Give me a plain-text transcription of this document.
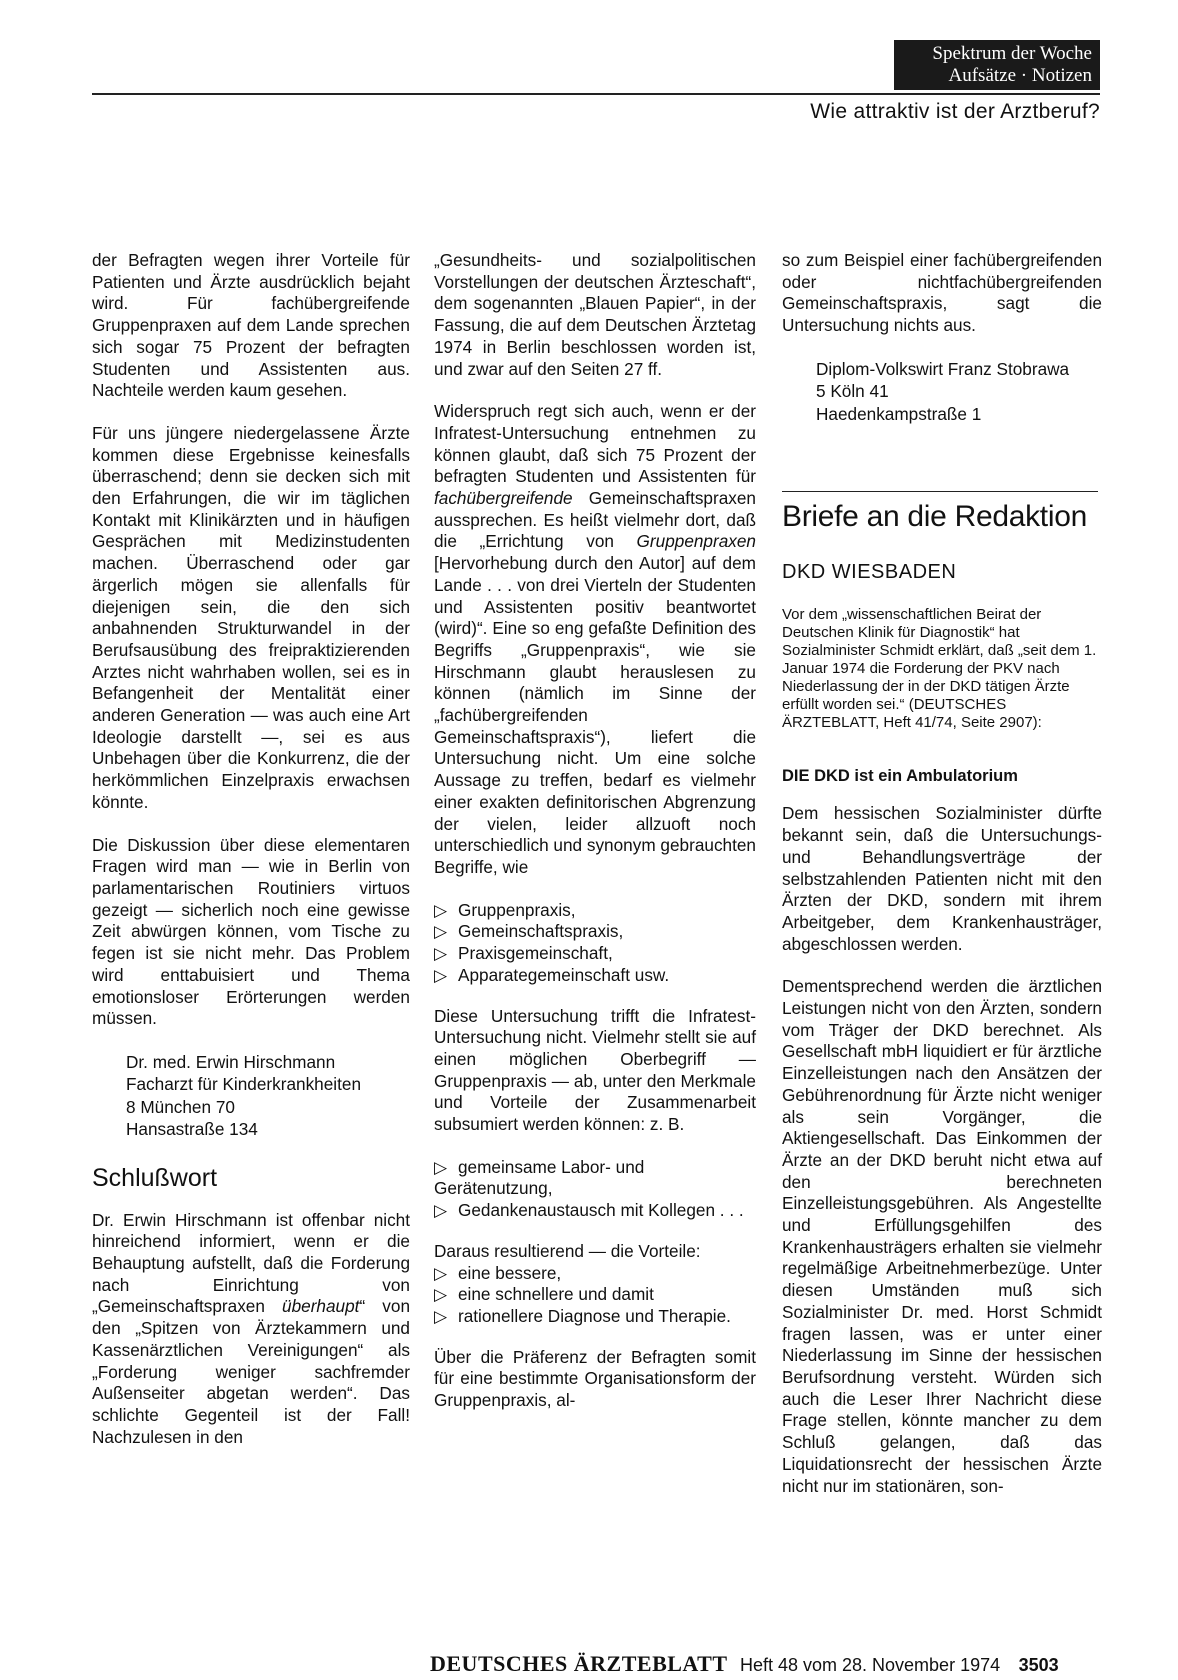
Spektrum der Woche
Aufsätze · Notizen
Wie attraktiv ist der Arztberuf?

der Befragten wegen ihrer Vorteile für Patienten und Ärzte ausdrücklich bejaht wird. Für fachübergreifende Gruppenpraxen auf dem Lande sprechen sich sogar 75 Prozent der befragten Studenten und Assistenten aus. Nachteile werden kaum gesehen.

Für uns jüngere niedergelassene Ärzte kommen diese Ergebnisse keinesfalls überraschend; denn sie decken sich mit den Erfahrungen, die wir im täglichen Kontakt mit Klinikärzten und in häufigen Gesprächen mit Medizinstudenten machen. Überraschend oder gar ärgerlich mögen sie allenfalls für diejenigen sein, die den sich anbahnenden Strukturwandel in der Berufsausübung des freipraktizierenden Arztes nicht wahrhaben wollen, sei es in Befangenheit der Mentalität einer anderen Generation — was auch eine Art Ideologie darstellt —, sei es aus Unbehagen über die Konkurrenz, die der herkömmlichen Einzelpraxis erwachsen könnte.

Die Diskussion über diese elementaren Fragen wird man — wie in Berlin von parlamentarischen Routiniers virtuos gezeigt — sicherlich noch eine gewisse Zeit abwürgen können, vom Tische zu fegen ist sie nicht mehr. Das Problem wird enttabuisiert und Thema emotionsloser Erörterungen werden müssen.

Dr. med. Erwin Hirschmann
Facharzt für Kinderkrankheiten
8 München 70
Hansastraße 134
Schlußwort

Dr. Erwin Hirschmann ist offenbar nicht hinreichend informiert, wenn er die Behauptung aufstellt, daß die Forderung nach Einrichtung von „Gemeinschaftspraxen überhaupt“ von den „Spitzen von Ärztekammern und Kassenärztlichen Vereinigungen“ als „Forderung weniger sachfremder Außenseiter abgetan werden“. Das schlichte Gegenteil ist der Fall! Nachzulesen in den

„Gesundheits- und sozialpolitischen Vorstellungen der deutschen Ärzteschaft“, dem sogenannten „Blauen Papier“, in der Fassung, die auf dem Deutschen Ärztetag 1974 in Berlin beschlossen worden ist, und zwar auf den Seiten 27 ff.

Widerspruch regt sich auch, wenn er der Infratest-Untersuchung entnehmen zu können glaubt, daß sich 75 Prozent der befragten Studenten und Assistenten für fachübergreifende Gemeinschaftspraxen aussprechen. Es heißt vielmehr dort, daß die „Errichtung von Gruppenpraxen [Hervorhebung durch den Autor] auf dem Lande . . . von drei Vierteln der Studenten und Assistenten positiv beantwortet (wird)“. Eine so eng gefaßte Definition des Begriffs „Gruppenpraxis“, wie sie Hirschmann glaubt herauslesen zu können (nämlich im Sinne der „fachübergreifenden Gemeinschaftspraxis“), liefert die Untersuchung nicht. Um eine solche Aussage zu treffen, bedarf es vielmehr einer exakten definitorischen Abgrenzung der vielen, leider allzuoft noch unterschiedlich und synonym gebrauchten Begriffe, wie

▷ Gruppenpraxis,
▷ Gemeinschaftspraxis,
▷ Praxisgemeinschaft,
▷ Apparategemeinschaft usw.

Diese Untersuchung trifft die Infratest-Untersuchung nicht. Vielmehr stellt sie auf einen möglichen Oberbegriff — Gruppenpraxis — ab, unter den Merkmale und Vorteile der Zusammenarbeit subsumiert werden können: z. B.

▷ gemeinsame Labor- und Gerätenutzung,
▷ Gedankenaustausch mit Kollegen . . .
Daraus resultierend — die Vorteile:
▷ eine bessere,
▷ eine schnellere und damit
▷ rationellere Diagnose und Therapie.

Über die Präferenz der Befragten somit für eine bestimmte Organisationsform der Gruppenpraxis, al-

so zum Beispiel einer fachübergreifenden oder nichtfachübergreifenden Gemeinschaftspraxis, sagt die Untersuchung nichts aus.

Diplom-Volkswirt Franz Stobrawa
5 Köln 41
Haedenkampstraße 1
Briefe an die Redaktion
DKD WIESBADEN

Vor dem „wissenschaftlichen Beirat der Deutschen Klinik für Diagnostik“ hat Sozialminister Schmidt erklärt, daß „seit dem 1. Januar 1974 die Forderung der PKV nach Niederlassung der in der DKD tätigen Ärzte erfüllt worden sei.“ (DEUTSCHES ÄRZTEBLATT, Heft 41/74, Seite 2907):

DIE DKD ist ein Ambulatorium

Dem hessischen Sozialminister dürfte bekannt sein, daß die Untersuchungs- und Behandlungsverträge der selbstzahlenden Patienten nicht mit den Ärzten der DKD, sondern mit ihrem Arbeitgeber, dem Krankenhausträger, abgeschlossen werden.

Dementsprechend werden die ärztlichen Leistungen nicht von den Ärzten, sondern vom Träger der DKD berechnet. Als Gesellschaft mbH liquidiert er für ärztliche Einzelleistungen nach den Ansätzen der Gebührenordnung für Ärzte nicht weniger als sein Vorgänger, die Aktiengesellschaft. Das Einkommen der Ärzte an der DKD beruht nicht etwa auf den berechneten Einzelleistungsgebühren. Als Angestellte und Erfüllungsgehilfen des Krankenhausträgers erhalten sie vielmehr regelmäßige Arbeitnehmerbezüge. Unter diesen Umständen muß sich Sozialminister Dr. med. Horst Schmidt fragen lassen, was er unter einer Niederlassung im Sinne der hessischen Berufsordnung versteht. Würden sich auch die Leser Ihrer Nachricht diese Frage stellen, könnte mancher zu dem Schluß gelangen, daß das Liquidationsrecht der hessischen Ärzte nicht nur im stationären, son-

DEUTSCHES ÄRZTEBLATT Heft 48 vom 28. November 1974 3503
